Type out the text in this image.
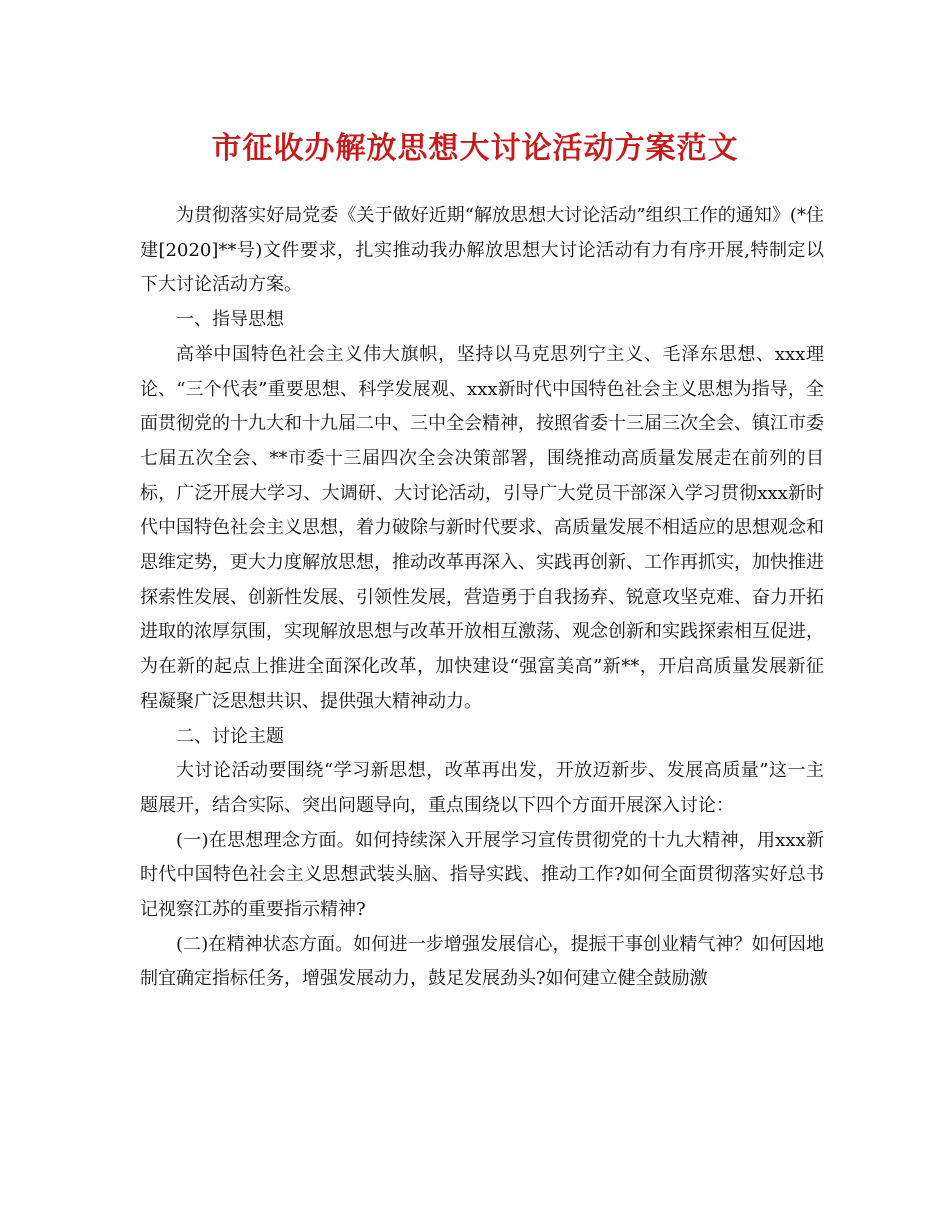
市征收办解放思想大讨论活动方案范文

为贯彻落实好局党委《关于做好近期“解放思想大讨论活动”组织工作的通知》(*住建[2020]**号)文件要求，扎实推动我办解放思想大讨论活动有力有序开展,特制定以下大讨论活动方案。

一、指导思想

高举中国特色社会主义伟大旗帜，坚持以马克思列宁主义、毛泽东思想、xxx理论、“三个代表”重要思想、科学发展观、xxx新时代中国特色社会主义思想为指导，全面贯彻党的十九大和十九届二中、三中全会精神，按照省委十三届三次全会、镇江市委七届五次全会、**市委十三届四次全会决策部署，围绕推动高质量发展走在前列的目标，广泛开展大学习、大调研、大讨论活动，引导广大党员干部深入学习贯彻xxx新时代中国特色社会主义思想，着力破除与新时代要求、高质量发展不相适应的思想观念和思维定势，更大力度解放思想，推动改革再深入、实践再创新、工作再抓实，加快推进探索性发展、创新性发展、引领性发展，营造勇于自我扬弃、锐意攻坚克难、奋力开拓进取的浓厚氛围，实现解放思想与改革开放相互激荡、观念创新和实践探索相互促进，为在新的起点上推进全面深化改革，加快建设“强富美高”新**，开启高质量发展新征程凝聚广泛思想共识、提供强大精神动力。

二、讨论主题

大讨论活动要围绕“学习新思想，改革再出发，开放迈新步、发展高质量”这一主题展开，结合实际、突出问题导向，重点围绕以下四个方面开展深入讨论：

(一)在思想理念方面。如何持续深入开展学习宣传贯彻党的十九大精神，用xxx新时代中国特色社会主义思想武装头脑、指导实践、推动工作?如何全面贯彻落实好总书记视察江苏的重要指示精神?

(二)在精神状态方面。如何进一步增强发展信心，提振干事创业精气神？如何因地制宜确定指标任务，增强发展动力，鼓足发展劲头?如何建立健全鼓励激
